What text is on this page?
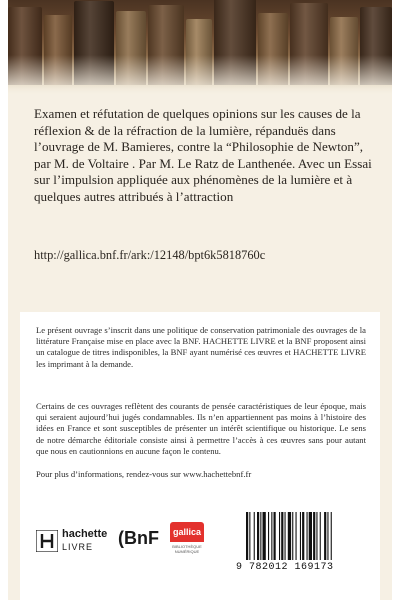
Examen et réfutation de quelques opinions sur les causes de la réflexion & de la réfraction de la lumière, répanduës dans l’ouvrage de M. Bamieres, contre la “Philosophie de Newton”, par M. de Voltaire . Par M. Le Ratz de Lanthenée. Avec un Essai sur l’impulsion appliquée aux phénomènes de la lumière et à quelques autres attribués à l’attraction
http://gallica.bnf.fr/ark:/12148/bpt6k5818760c
Le présent ouvrage s’inscrit dans une politique de conservation patrimoniale des ouvrages de la littérature Française mise en place avec la BNF. HACHETTE LIVRE et la BNF proposent ainsi un catalogue de titres indisponibles, la BNF ayant numérisé ces œuvres et HACHETTE LIVRE les imprimant à la demande.
Certains de ces ouvrages reflètent des courants de pensée caractéristiques de leur époque, mais qui seraient aujourd’hui jugés condamnables. Ils n’en appartiennent pas moins à l’histoire des idées en France et sont susceptibles de présenter un intérêt scientifique ou historique. Le sens de notre démarche éditoriale consiste ainsi à permettre l’accès à ces œuvres sans pour autant que nous en cautionnions en aucune façon le contenu.
Pour plus d’informations, rendez-vous sur www.hachettebnf.fr
hachette
LIVRE (BnF	gallica
BIBLIOTHÈQUE NUMÉRIQUE
9 782012 169173
